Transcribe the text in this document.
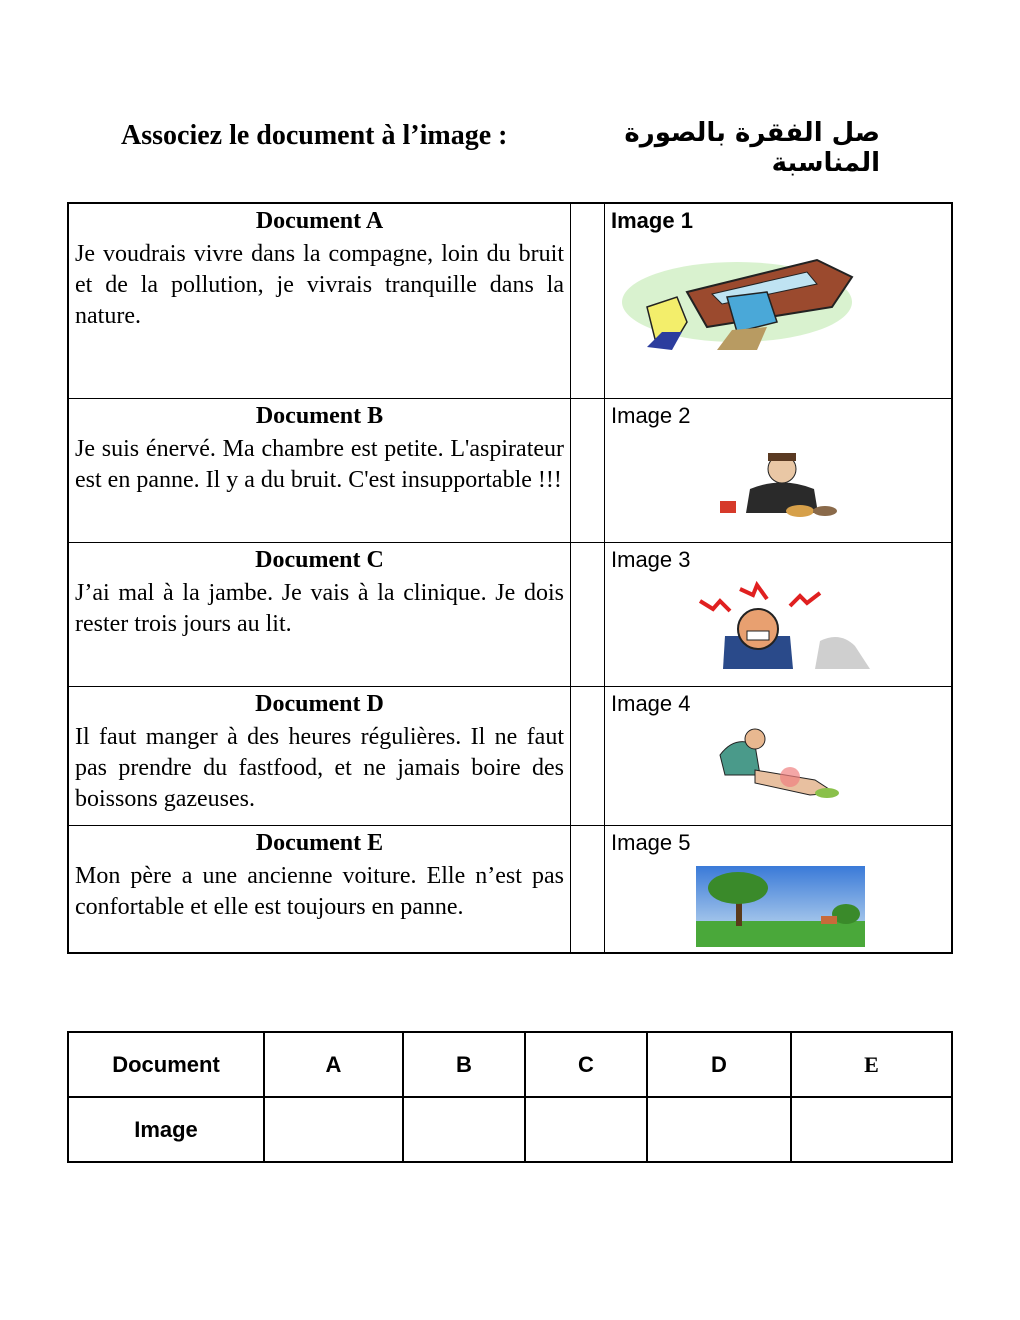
Associez le document à l’image :	صل الفقرة بالصورة المناسبة
Document A

Je voudrais vivre dans la compagne, loin du bruit et de la pollution, je vivrais tranquille dans la nature.

Image 1
Document B

Je suis énervé. Ma chambre est petite. L'aspirateur est en panne. Il y a du bruit. C'est insupportable !!!

Image 2
Document C

J’ai mal à la jambe. Je vais à la clinique. Je dois rester trois jours au lit.

Image 3
Document D

Il faut manger à des heures régulières. Il ne faut pas prendre du fastfood, et ne jamais boire des boissons gazeuses.

Image 4
Document E

Mon père a une ancienne voiture. Elle n’est pas confortable et elle est toujours en panne.

Image 5
Document	A	B	C	D	E
Image					
